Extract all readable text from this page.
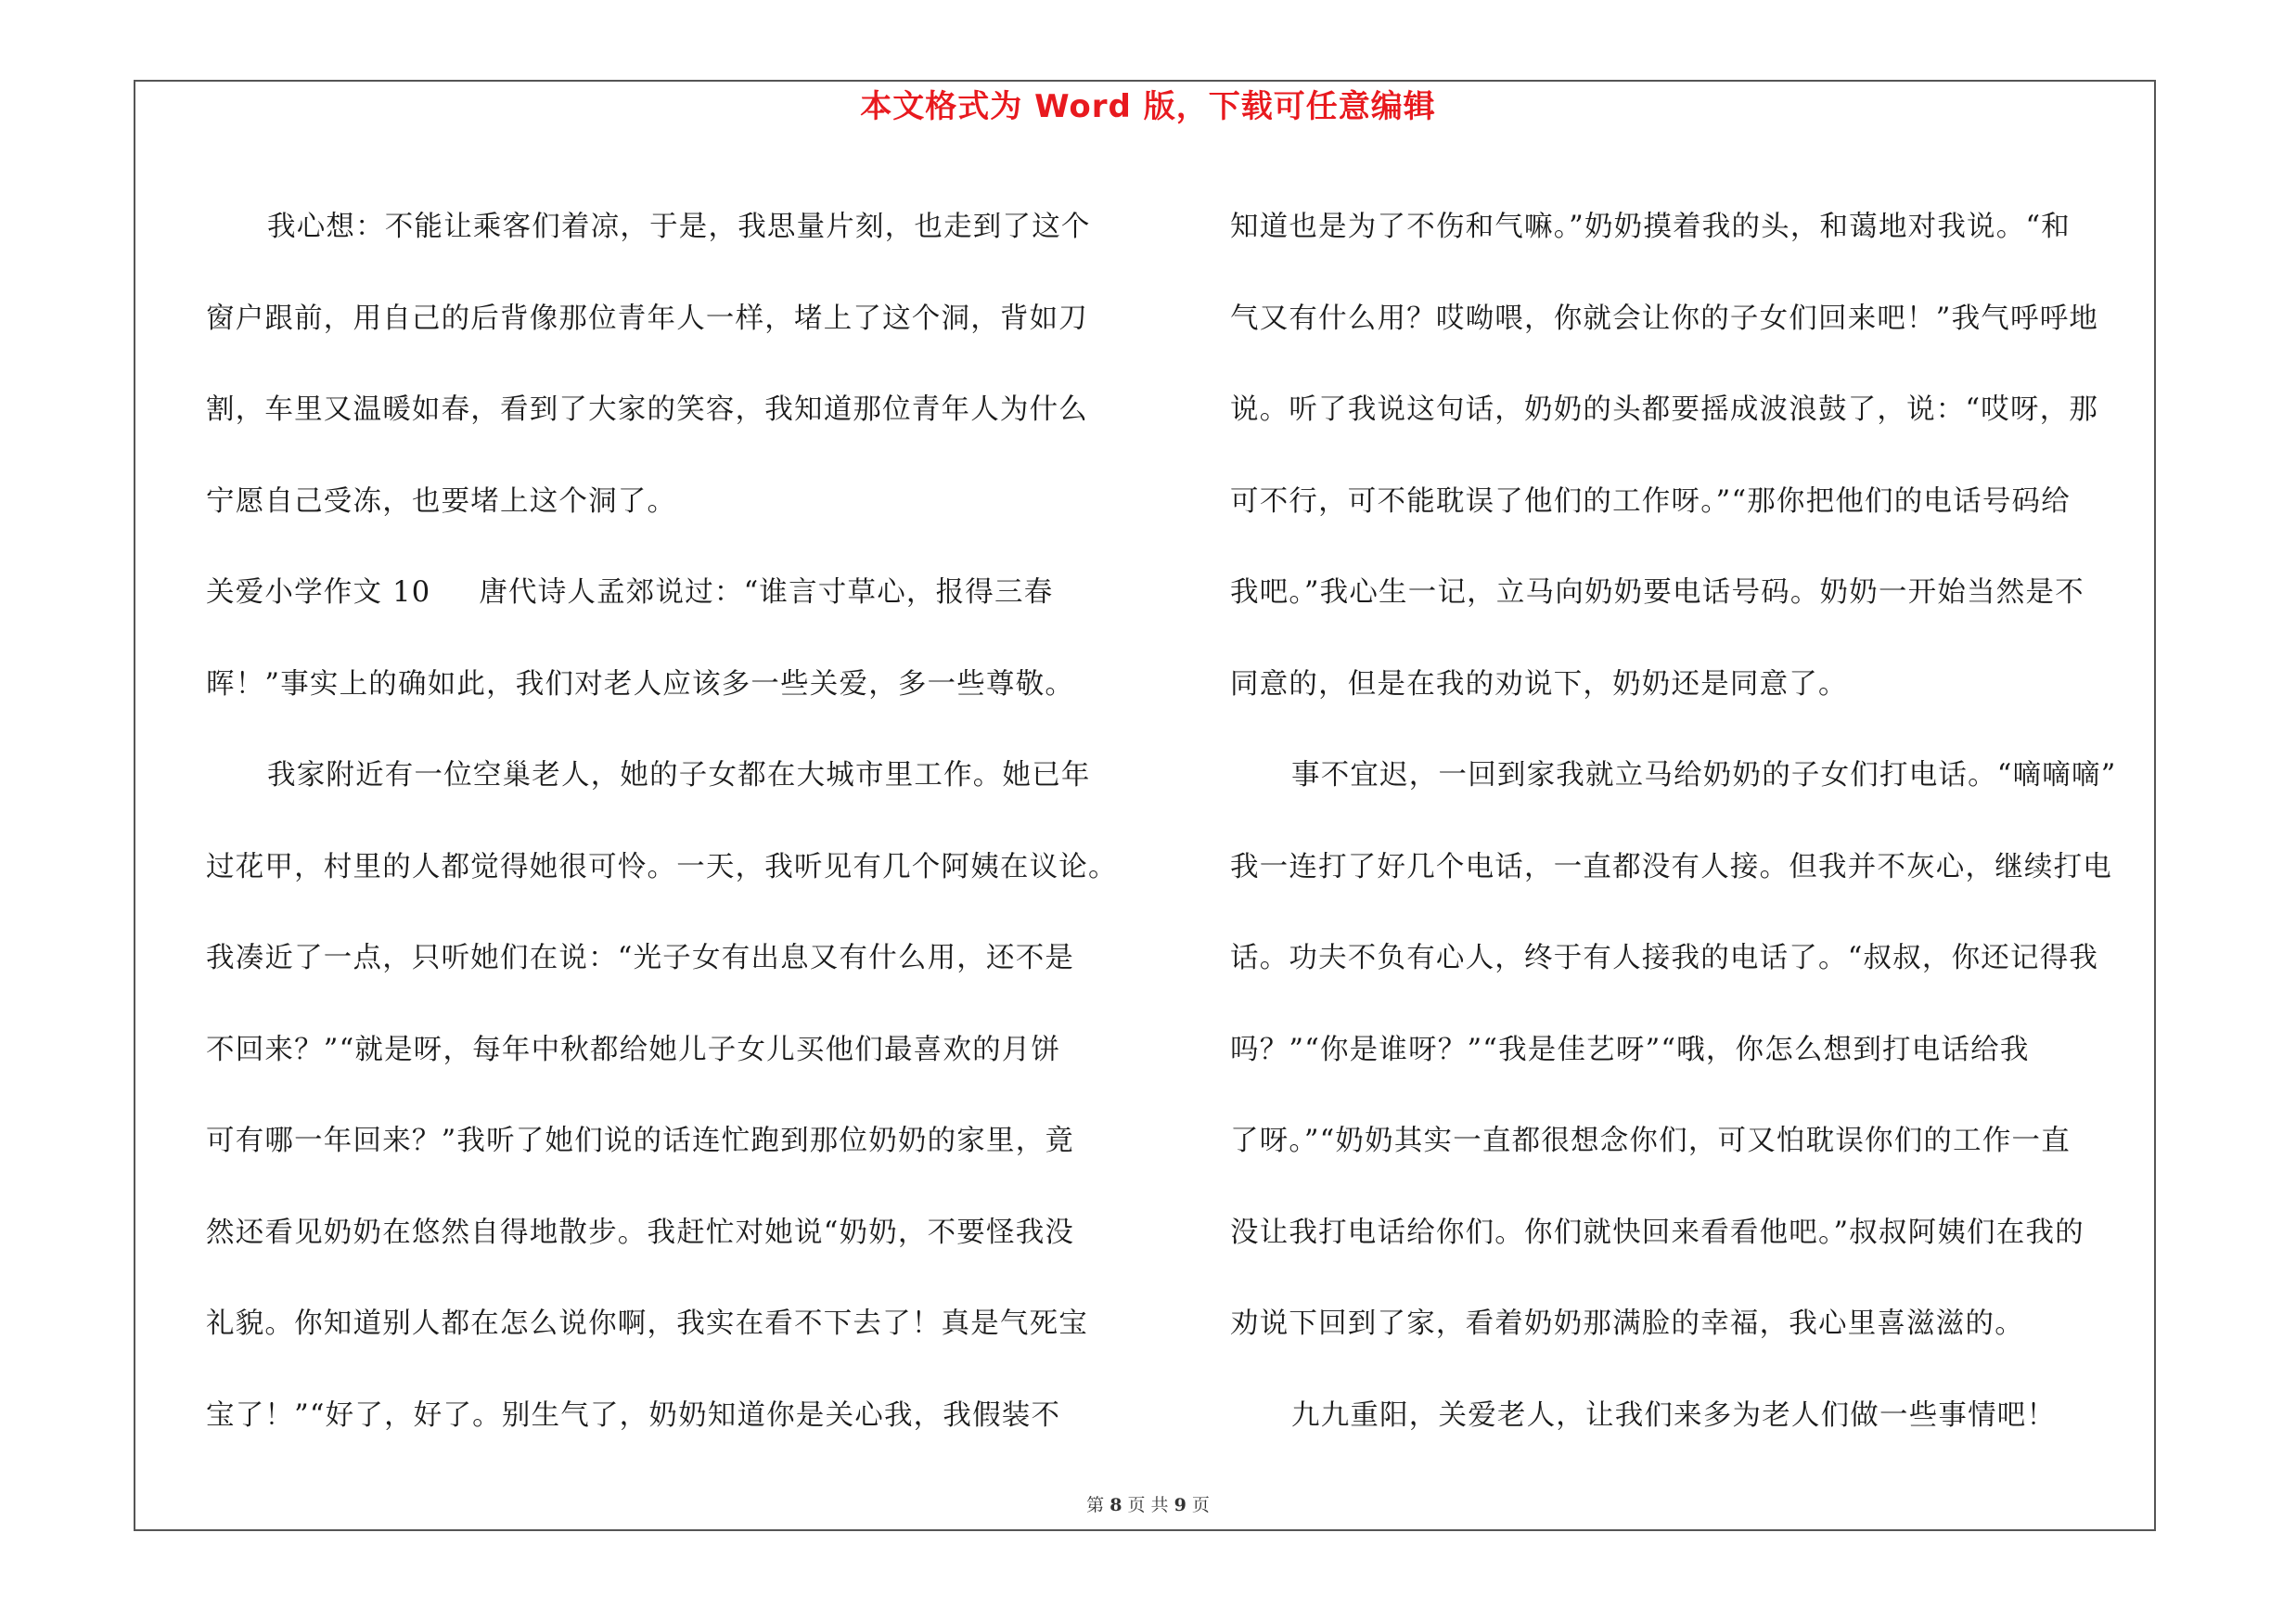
本文格式为 Word 版，下载可任意编辑
我心想：不能让乘客们着凉，于是，我思量片刻，也走到了这个
窗户跟前，用自己的后背像那位青年人一样，堵上了这个洞，背如刀
割，车里又温暖如春，看到了大家的笑容，我知道那位青年人为什么
宁愿自己受冻，也要堵上这个洞了。
关爱小学作文 10 唐代诗人孟郊说过：“谁言寸草心，报得三春
晖！”事实上的确如此，我们对老人应该多一些关爱，多一些尊敬。
我家附近有一位空巢老人，她的子女都在大城市里工作。她已年
过花甲，村里的人都觉得她很可怜。一天，我听见有几个阿姨在议论。
我凑近了一点，只听她们在说：“光子女有出息又有什么用，还不是
不回来？”“就是呀，每年中秋都给她儿子女儿买他们最喜欢的月饼
可有哪一年回来？”我听了她们说的话连忙跑到那位奶奶的家里，竟
然还看见奶奶在悠然自得地散步。我赶忙对她说“奶奶，不要怪我没
礼貌。你知道别人都在怎么说你啊，我实在看不下去了！真是气死宝
宝了！”“好了，好了。别生气了，奶奶知道你是关心我，我假装不
知道也是为了不伤和气嘛。”奶奶摸着我的头，和蔼地对我说。“和
气又有什么用？哎呦喂，你就会让你的子女们回来吧！”我气呼呼地
说。听了我说这句话，奶奶的头都要摇成波浪鼓了，说：“哎呀，那
可不行，可不能耽误了他们的工作呀。”“那你把他们的电话号码给
我吧。”我心生一记，立马向奶奶要电话号码。奶奶一开始当然是不
同意的，但是在我的劝说下，奶奶还是同意了。
事不宜迟，一回到家我就立马给奶奶的子女们打电话。“嘀嘀嘀”
我一连打了好几个电话，一直都没有人接。但我并不灰心，继续打电
话。功夫不负有心人，终于有人接我的电话了。“叔叔，你还记得我
吗？”“你是谁呀？”“我是佳艺呀”“哦，你怎么想到打电话给我
了呀。”“奶奶其实一直都很想念你们，可又怕耽误你们的工作一直
没让我打电话给你们。你们就快回来看看他吧。”叔叔阿姨们在我的
劝说下回到了家，看着奶奶那满脸的幸福，我心里喜滋滋的。
九九重阳，关爱老人，让我们来多为老人们做一些事情吧！
第 8 页 共 9 页
